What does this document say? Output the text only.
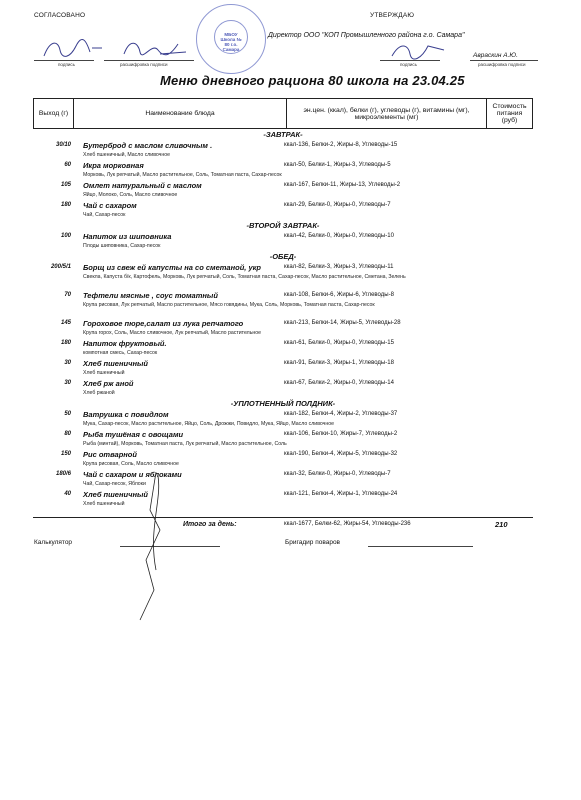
СОГЛАСОВАНО	УТВЕРЖДАЮ
Директор ООО "КОП Промышленного района г.о. Самара"
подпись	расшифровка подписи
МБОУ Школа № 80 г.о. Самара
Авраскин А.Ю.
подпись	расшифровка подписи
Меню дневного рациона 80 школа на 23.04.25
Выход (г)	Наименование блюда	эн.цен. (ккал), белки (г), углеводы (г), витамины (мг), микроэлементы (мг)	Стоимость питания (руб)
-ЗАВТРАК-
30/10 Бутерброд с маслом сливочным .	ккал-136, Белки-2, Жиры-8, Углеводы-15
Хлеб пшеничный, Масло сливочное
60 Икра морковная	ккал-50, Белки-1, Жиры-3, Углеводы-5
Морковь, Лук репчатый, Масло растительное, Соль, Томатная паста, Сахар-песок
105 Омлет натуральный с маслом	ккал-167, Белки-11, Жиры-13, Углеводы-2
Яйцо, Молоко, Соль, Масло сливочное
180 Чай с сахаром	ккал-29, Белки-0, Жиры-0, Углеводы-7
Чай, Сахар-песок
-ВТОРОЙ ЗАВТРАК-
100 Напиток из шиповника	ккал-42, Белки-0, Жиры-0, Углеводы-10
Плоды шиповника, Сахар-песок
-ОБЕД-
200/5/1 Борщ из свеж ей капусты на со сметаной, укр	ккал-82, Белки-3, Жиры-3, Углеводы-11
Свекла, Капуста б/к, Картофель, Морковь, Лук репчатый, Соль, Томатная паста, Сахар-песок, Масло растительное, Сметана, Зелень
70 Тефтели мясные , соус томатный	ккал-108, Белки-6, Жиры-6, Углеводы-8
Крупа рисовая, Лук репчатый, Масло растительное, Мясо говядины, Мука, Соль, Морковь, Томатная паста, Сахар-песок
145 Гороховое пюре,салат из лука репчатого	ккал-213, Белки-14, Жиры-5, Углеводы-28
Крупа горох, Соль, Масло сливочное, Лук репчатый, Масло растительное
180 Напиток фруктовый.	ккал-61, Белки-0, Жиры-0, Углеводы-15
компотная смесь, Сахар-песок
30 Хлеб пшеничный	ккал-91, Белки-3, Жиры-1, Углеводы-18
Хлеб пшеничный
30 Хлеб рж аной	ккал-67, Белки-2, Жиры-0, Углеводы-14
Хлеб ржаной
-УПЛОТНЕННЫЙ ПОЛДНИК-
50 Ватрушка с повидлом	ккал-182, Белки-4, Жиры-2, Углеводы-37
Мука, Сахар-песок, Масло растительное, Яйцо, Соль, Дрожжи, Повидло, Мука, Яйцо, Масло сливочное
80 Рыба тушёная с овощами	ккал-106, Белки-10, Жиры-7, Углеводы-2
Рыба (минтай), Морковь, Томатная паста, Лук репчатый, Масло растительное, Соль
150 Рис отварной	ккал-190, Белки-4, Жиры-5, Углеводы-32
Крупа рисовая, Соль, Масло сливочное
180/6 Чай с сахаром и яблоками	ккал-32, Белки-0, Жиры-0, Углеводы-7
Чай, Сахар-песок, Яблоки
40 Хлеб пшеничный	ккал-121, Белки-4, Жиры-1, Углеводы-24
Хлеб пшеничный
Итого за день:	ккал-1677, Белки-62, Жиры-54, Углеводы-236	210
Калькулятор	Бригадир поваров
